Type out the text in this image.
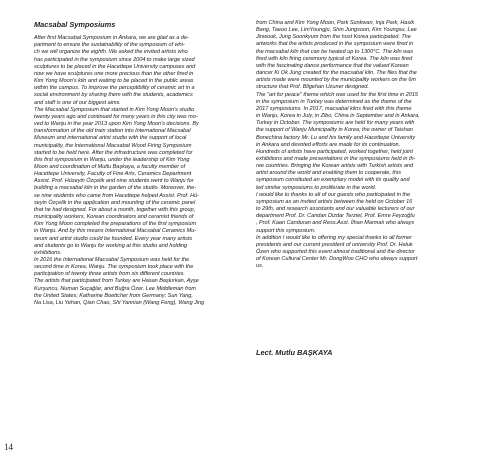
Macsabal Symposiums

After first Macsabal Symposium in Ankara, we are glad as a de-

partment to ensure the sustainability of the symposium of whi-

ch we will organize the eighth. We asked the invited artists who

has participated in the symposium since 2004 to make large sized

sculptures to be placed in the Hacettepe University campuses and

now we have sculptures one more precious than the other fired in

Kim Yong Moon's kiln and waiting to be placed in the public areas

within the campus. To improve the perceptibility of ceramic art in a

social environment by sharing them with the students, academics

and staff is one of our biggest aims.

The Macsabal Symposium that started in Kim Yong Moon's studio

twenty years ago and continued for many years in this city was mo-

ved to Wanju in the year 2013 upon Kim Yong Moon's decisions. By

transformation of the old train station into International Macsabal

Museum and international artist studio with the support of local

municipality, the International Macsabal Wood Firing Symposium

started to be held here. After the infrastructure was completed for

this first symposium in Wanju, under the leadership of Kim Yong

Moon and coordination of Mutlu Başkaya, a faculty member of

Hacettepe University, Faculty of Fine Arts, Ceramics Department

Assist. Prof. Hüseyin Özçelik and nine students went to Wanju for

building a macsabal kiln in the garden of the studio. Moreover, the-

se nine students who came from Hacettepe helped Assist. Prof. Hü-

seyin Özçelik in the application and mounting of the ceramic panel

that he had designed. For about a month, together with this group,

municipality workers, Korean coordinators and ceramist friends of

Kim Yong Moon completed the preparations of the first symposium

in Wanju. And by this means International Macsabal Ceramics Mu-

seum and artist studio could be founded. Every year many artists

and students go to Wanju for working at this studio and holding

exhibitions.

In 2016 the International Macsabal Symposium was held for the

second time in Korea, Wanju. The symposium took place with the

participation of twenty three artists from six different countries.

The artists that participated from Turkey are Hasan Başkırkan, Ayşe

Kurşuncu, Numan Suçağlar, and Buğra Özer. Lee Middleman from

the United States; Katharine Boettcher from Germany; Sun Yang,

Na Lisa, Liu Yehan, Qian Chao, Shi Yannian (Wang Feng), Wang Jing

from China and Kim Yong Moon, Park Sunkwan, Inja Park, Hasik

Bang, Taeoo Lee, LimYoungju, Shin Jungsoon, Kim Youngsu, Lee

Jinwook, Jung Soonkyum from the host Korea participated. The

artworks that the artists produced in the symposium were fired in

the macsabal kiln that can be heated up to 1300°C. The kiln was

fired with kiln firing ceremony typical of Korea. The kiln was fired

with the fascinating dance performance that the valued Korean

dancer Ki Ok Jung created for the macsabal kiln. The files that the

artists made were mounted by the municipality workers on the 6m

structure that Prof. Bilgehan Uzuner designed.

The "art for peace" theme which was used for the first time in 2015

in the symposium in Turkey was determined as the theme of the

2017 symposiums. In 2017, macsabal kilns fired with this theme

in Wanju, Korea in July, in Zibo, China in September and in Ankara,

Turkey in October. The symposiums are held for many years with

the support of Wanju Municipality in Korea; the owner of Taishan

Bonechina factory Mr. Lu and his family and Hacettepe University

in Ankara and devoted efforts are made for its continuation.

Hundreds of artists have participated, worked together, held joint

exhibitions and made presentations in the symposiums held in th-

ree countries. Bringing the Korean artists with Turkish artists and

artist around the world and enabling them to cooperate, this

symposium constituted an exemplary model with its quality and

led similar symposiums to proliferate in the world.

I would like to thanks to all of our guests who participated in the

symposium as an invited artists between the held on October 16

to 29th, and research assistants and our valuable lecturers of our

department Prof. Dr. Candan Dizdar Terziel, Prof. Emre Feyzoğlu

, Prof. Kaan Canduran and Ress.Asst. İlhan Marmalı who always

support this symposium.

In addition I would like to offering my special thanks to all former

presidents and our current president of university Prof. Dr. Haluk

Özen who supported this event almost traditional and the director

of Korean Cultural Center Mr. DongWoo CHO who always support

us.

Lect. Mutlu BAŞKAYA
14
